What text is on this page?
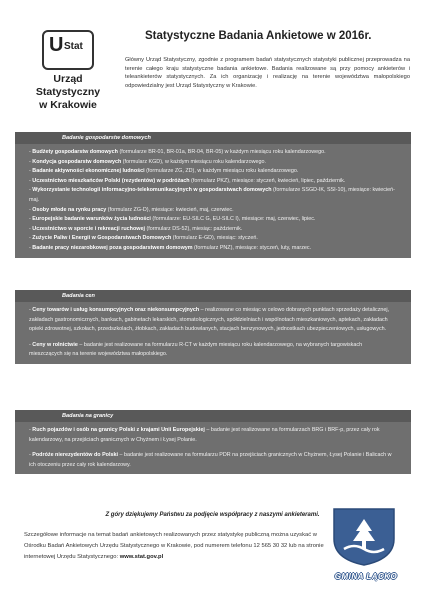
U Stat
Urząd Statystyczny
w Krakowie
Statystyczne Badania Ankietowe w 2016r.
Główny Urząd Statystyczny, zgodnie z programem badań statystycznych statystyki publicznej przeprowadza na terenie całego kraju statystyczne badania ankietowe. Badania realizowane są przy pomocy ankieterów i teleankieterów statystycznych. Za ich organizację i realizację na terenie województwa małopolskiego odpowiedzialny jest Urząd Statystyczny w Krakowie.
Badanie gospodarstw domowych
- Budżety gospodarstw domowych (formularze BR-01, BR-01a, BR-04, BR-05) w każdym miesiącu roku kalendarzowego.
- Kondycja gospodarstw domowych (formularz KGD), w każdym miesiącu roku kalendarzowego.
- Badanie aktywności ekonomicznej ludności (formularze ZG, ZD), w każdym miesiącu roku kalendarzowego.
- Uczestnictwo mieszkańców Polski (rezydentów) w podróżach (formularz PKZ), miesiące: styczeń, kwiecień, lipiec, październik.
- Wykorzystanie technologii informacyjno-telekomunikacyjnych w gospodarstwach domowych (formularze SSGD-IK, SSI-10), miesiące: kwiecień-maj.
- Osoby młode na rynku pracy (formularz ZG-D), miesiące: kwiecień, maj, czerwiec.
- Europejskie badanie warunków życia ludności (formularze: EU-SILC G, EU-SILC I), miesiące: maj, czerwiec, lipiec.
- Uczestnictwo w sporcie i rekreacji ruchowej (formularz DS-52), miesiąc: październik.
- Zużycie Paliw i Energii w Gospodarstwach Domowych (formularz E-GD), miesiąc: styczeń.
- Badanie pracy niezarobkowej poza gospodarstwem domowym (formularz PNZ), miesiące: styczeń, luty, marzec.
Badania cen
- Ceny towarów i usług konsumpcyjnych oraz niekonsumpcyjnych – realizowane co miesiąc w celowo dobranych punktach sprzedaży detalicznej, zakładach gastronomicznych, bankach, gabinetach lekarskich, stomatologicznych, spółdzielniach i wspólnotach mieszkaniowych, aptekach, zakładach opieki zdrowotnej, szkołach, przedszkolach, żłobkach, zakładach budowlanych, stacjach benzynowych, jednostkach ubezpieczeniowych, usługowych.
- Ceny w rolnictwie – badanie jest realizowane na formularzu R-CT w każdym miesiącu roku kalendarzowego, na wybranych targowiskach mieszczących się na terenie województwa małopolskiego.
Badania na granicy
- Ruch pojazdów i osób na granicy Polski z krajami Unii Europejskiej – badanie jest realizowane na formularzach BRG i BRF-p, przez cały rok kalendarzowy, na przejściach granicznych w Chyżnem i Łysej Polanie.
- Podróże nierezydentów do Polski – badanie jest realizowane na formularzu PDR na przejściach granicznych w Chyżnem, Łysej Polanie i Balicach w ich otoczeniu przez cały rok kalendarzowy.
Z góry dziękujemy Państwu za podjęcie współpracy z naszymi ankieterami.
Szczegółowe informacje na temat badań ankietowych realizowanych przez statystykę publiczną można uzyskać w Ośrodku Badań Ankietowych Urzędu Statystycznego w Krakowie, pod numerem telefonu 12 565 30 32 lub na stronie internetowej Urzędu Statystycznego: www.stat.gov.pl
GMINA LĄCKO
